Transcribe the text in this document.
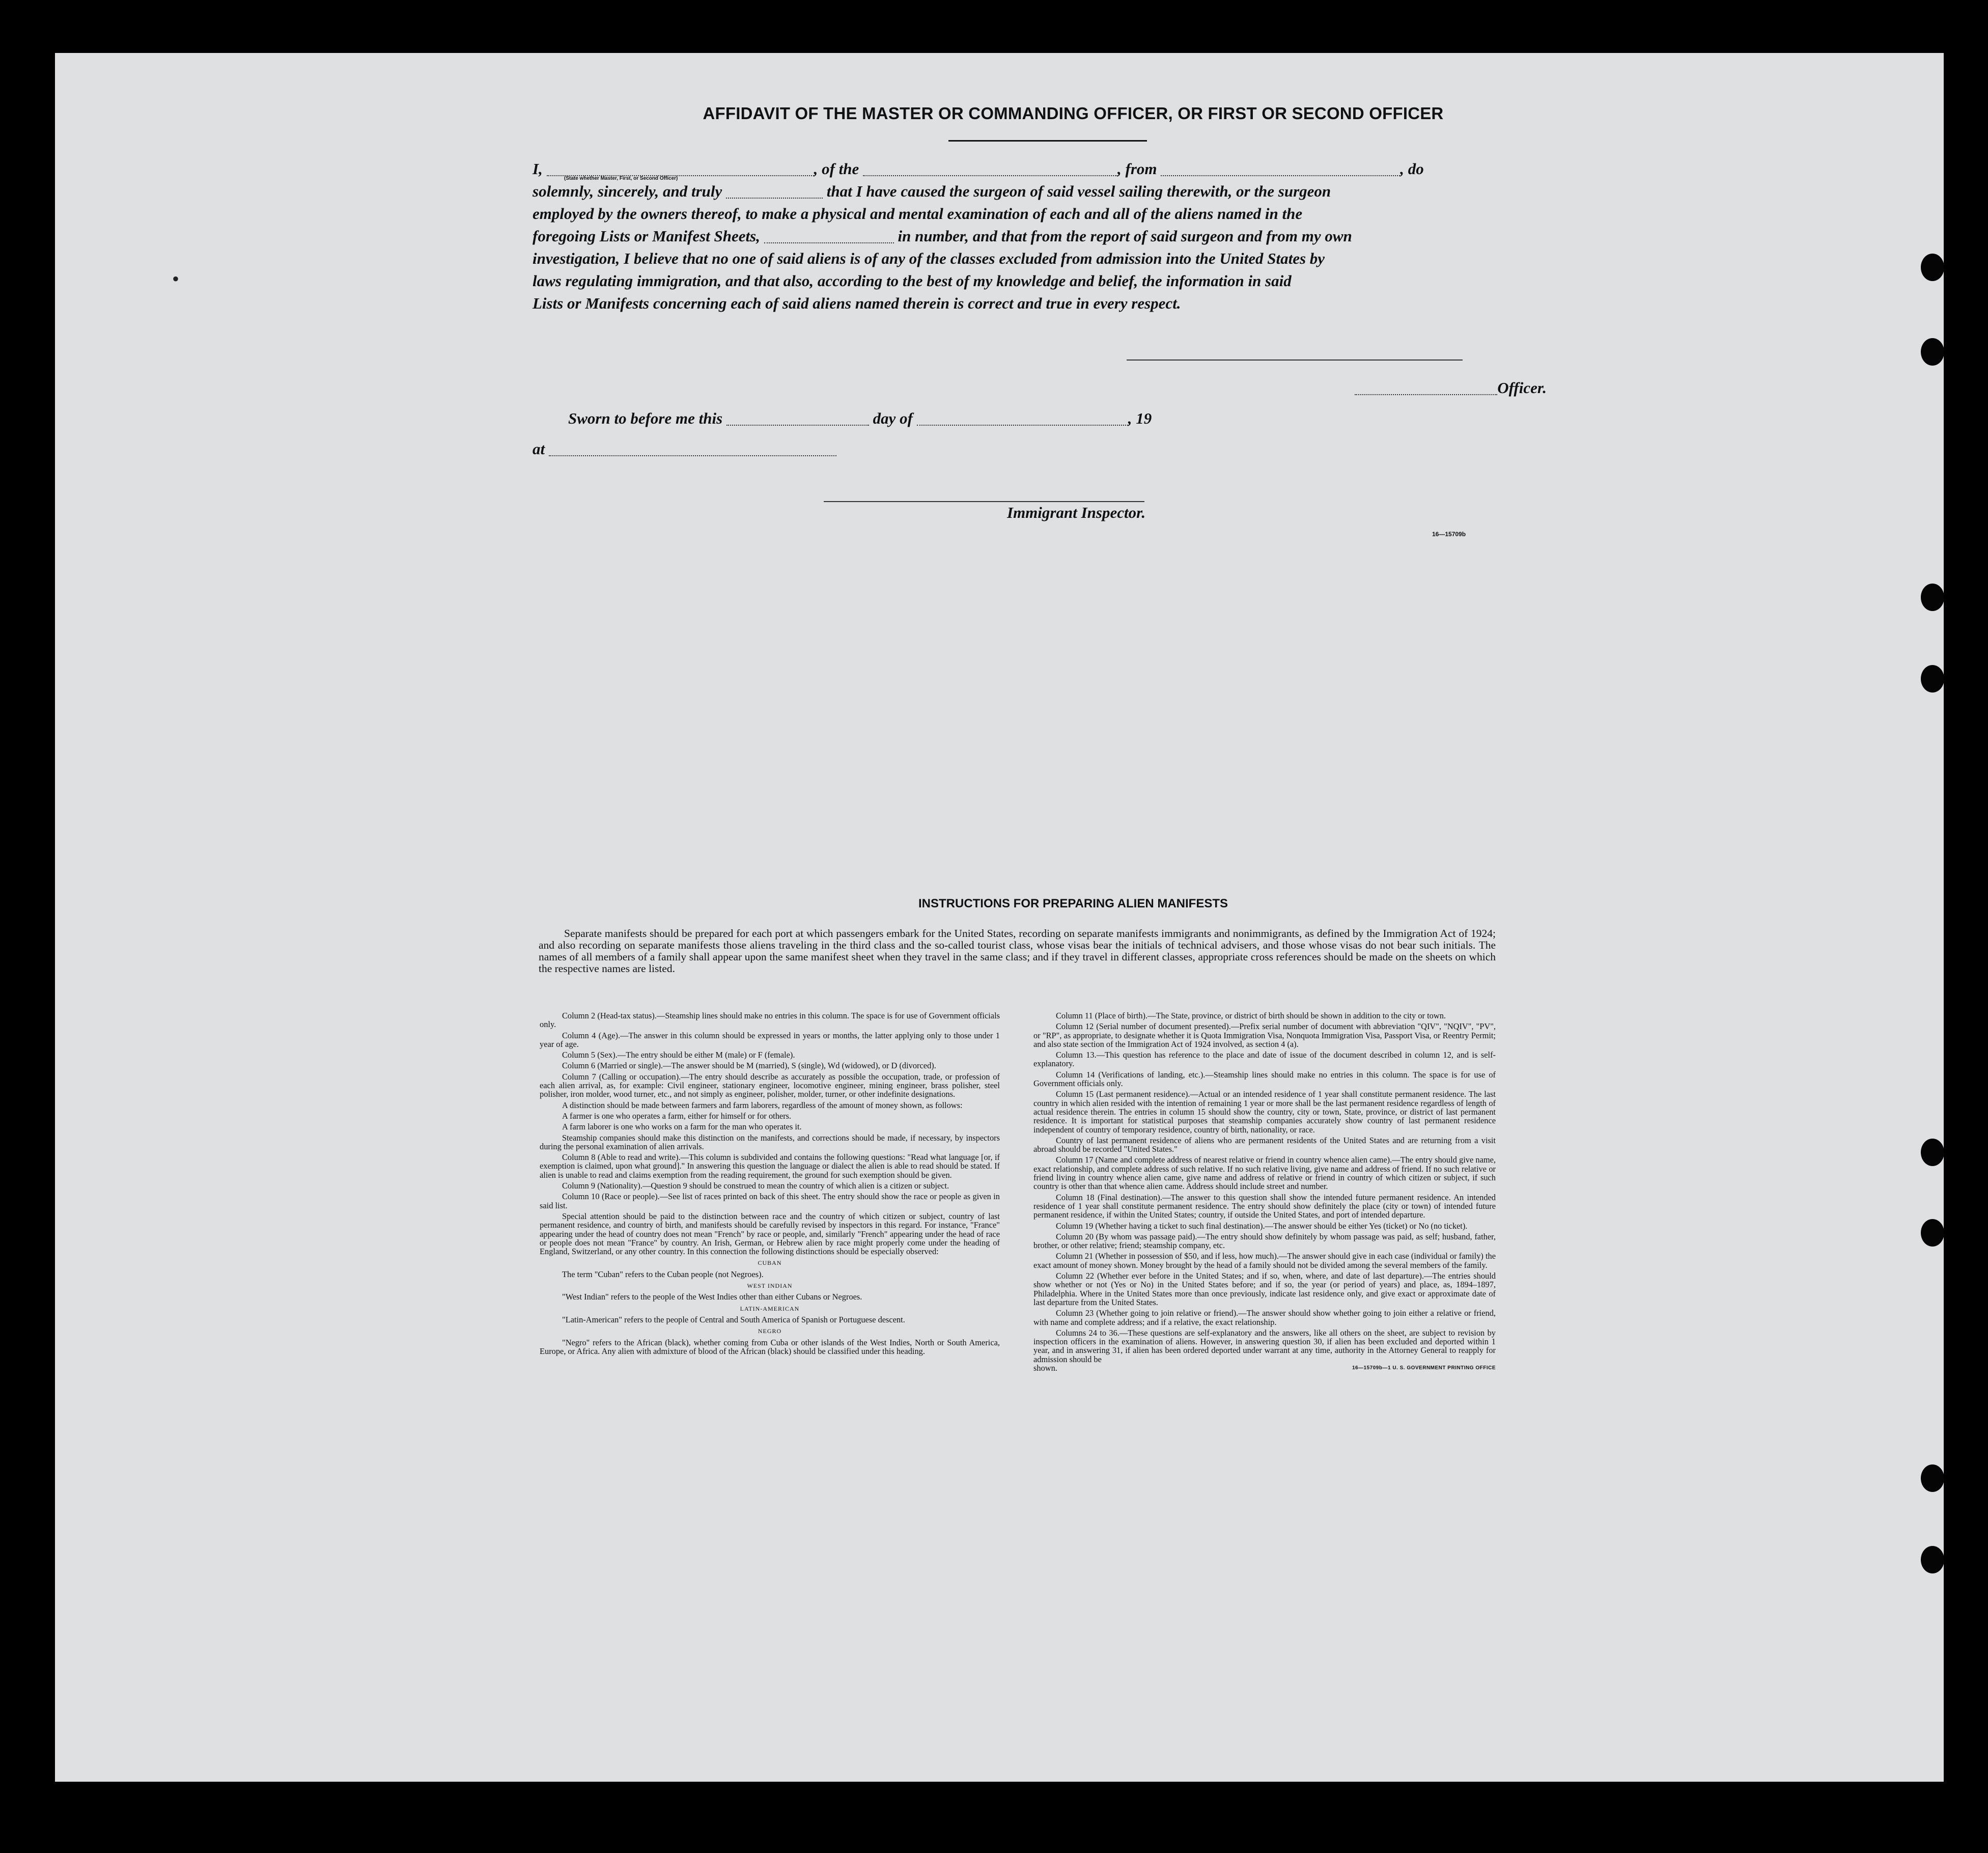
•
AFFIDAVIT OF THE MASTER OR COMMANDING OFFICER, OR FIRST OR SECOND OFFICER
I,	, of the	, from	, do
(State whether Master, First, or Second Officer)
solemnly, sincerely, and truly	that I have caused the surgeon of said vessel sailing therewith, or the surgeon
employed by the owners thereof, to make a physical and mental examination of each and all of the aliens named in the
foregoing Lists or Manifest Sheets,	in number, and that from the report of said surgeon and from my own
investigation, I believe that no one of said aliens is of any of the classes excluded from admission into the United States by
laws regulating immigration, and that also, according to the best of my knowledge and belief, the information in said
Lists or Manifests concerning each of said aliens named therein is correct and true in every respect.
Officer.
Sworn to before me this	day of	, 19
at
Immigrant Inspector.
16—15709b
INSTRUCTIONS FOR PREPARING ALIEN MANIFESTS

Separate manifests should be prepared for each port at which passengers embark for the United States, recording on separate manifests immigrants and nonimmigrants, as defined by the Immigration Act of 1924; and also recording on separate manifests those aliens traveling in the third class and the so-called tourist class, whose visas bear the initials of technical advisers, and those whose visas do not bear such initials. The names of all members of a family shall appear upon the same manifest sheet when they travel in the same class; and if they travel in different classes, appropriate cross references should be made on the sheets on which the respective names are listed.

Column 2 (Head-tax status).—Steamship lines should make no entries in this column. The space is for use of Government officials only.

Column 4 (Age).—The answer in this column should be expressed in years or months, the latter applying only to those under 1 year of age.

Column 5 (Sex).—The entry should be either M (male) or F (female).

Column 6 (Married or single).—The answer should be M (married), S (single), Wd (widowed), or D (divorced).

Column 7 (Calling or occupation).—The entry should describe as accurately as possible the occupation, trade, or profession of each alien arrival, as, for example: Civil engineer, stationary engineer, locomotive engineer, mining engineer, brass polisher, steel polisher, iron molder, wood turner, etc., and not simply as engineer, polisher, molder, turner, or other indefinite designations.

A distinction should be made between farmers and farm laborers, regardless of the amount of money shown, as follows:

A farmer is one who operates a farm, either for himself or for others.

A farm laborer is one who works on a farm for the man who operates it.

Steamship companies should make this distinction on the manifests, and corrections should be made, if necessary, by inspectors during the personal examination of alien arrivals.

Column 8 (Able to read and write).—This column is subdivided and contains the following questions: "Read what language [or, if exemption is claimed, upon what ground]." In answering this question the language or dialect the alien is able to read should be stated. If alien is unable to read and claims exemption from the reading requirement, the ground for such exemption should be given.

Column 9 (Nationality).—Question 9 should be construed to mean the country of which alien is a citizen or subject.

Column 10 (Race or people).—See list of races printed on back of this sheet. The entry should show the race or people as given in said list.

Special attention should be paid to the distinction between race and the country of which citizen or subject, country of last permanent residence, and country of birth, and manifests should be carefully revised by inspectors in this regard. For instance, "France" appearing under the head of country does not mean "French" by race or people, and, similarly "French" appearing under the head of race or people does not mean "France" by country. An Irish, German, or Hebrew alien by race might properly come under the heading of England, Switzerland, or any other country. In this connection the following distinctions should be especially observed:

CUBAN

The term "Cuban" refers to the Cuban people (not Negroes).

WEST INDIAN

"West Indian" refers to the people of the West Indies other than either Cubans or Negroes.

LATIN-AMERICAN

"Latin-American" refers to the people of Central and South America of Spanish or Portuguese descent.

NEGRO

"Negro" refers to the African (black), whether coming from Cuba or other islands of the West Indies, North or South America, Europe, or Africa. Any alien with admixture of blood of the African (black) should be classified under this heading.

Column 11 (Place of birth).—The State, province, or district of birth should be shown in addition to the city or town.

Column 12 (Serial number of document presented).—Prefix serial number of document with abbreviation "QIV", "NQIV", "PV", or "RP", as appropriate, to designate whether it is Quota Immigration Visa, Nonquota Immigration Visa, Passport Visa, or Reentry Permit; and also state section of the Immigration Act of 1924 involved, as section 4 (a).

Column 13.—This question has reference to the place and date of issue of the document described in column 12, and is self-explanatory.

Column 14 (Verifications of landing, etc.).—Steamship lines should make no entries in this column. The space is for use of Government officials only.

Column 15 (Last permanent residence).—Actual or an intended residence of 1 year shall constitute permanent residence. The last country in which alien resided with the intention of remaining 1 year or more shall be the last permanent residence regardless of length of actual residence therein. The entries in column 15 should show the country, city or town, State, province, or district of last permanent residence. It is important for statistical purposes that steamship companies accurately show country of last permanent residence independent of country of temporary residence, country of birth, nationality, or race.

Country of last permanent residence of aliens who are permanent residents of the United States and are returning from a visit abroad should be recorded "United States."

Column 17 (Name and complete address of nearest relative or friend in country whence alien came).—The entry should give name, exact relationship, and complete address of such relative. If no such relative living, give name and address of friend. If no such relative or friend living in country whence alien came, give name and address of relative or friend in country of which citizen or subject, if such country is other than that whence alien came. Address should include street and number.

Column 18 (Final destination).—The answer to this question shall show the intended future permanent residence. An intended residence of 1 year shall constitute permanent residence. The entry should show definitely the place (city or town) of intended future permanent residence, if within the United States; country, if outside the United States, and port of intended departure.

Column 19 (Whether having a ticket to such final destination).—The answer should be either Yes (ticket) or No (no ticket).

Column 20 (By whom was passage paid).—The entry should show definitely by whom passage was paid, as self; husband, father, brother, or other relative; friend; steamship company, etc.

Column 21 (Whether in possession of $50, and if less, how much).—The answer should give in each case (individual or family) the exact amount of money shown. Money brought by the head of a family should not be divided among the several members of the family.

Column 22 (Whether ever before in the United States; and if so, when, where, and date of last departure).—The entries should show whether or not (Yes or No) in the United States before; and if so, the year (or period of years) and place, as, 1894–1897, Philadelphia. Where in the United States more than once previously, indicate last residence only, and give exact or approximate date of last departure from the United States.

Column 23 (Whether going to join relative or friend).—The answer should show whether going to join either a relative or friend, with name and complete address; and if a relative, the exact relationship.

Columns 24 to 36.—These questions are self-explanatory and the answers, like all others on the sheet, are subject to revision by inspection officers in the examination of aliens. However, in answering question 30, if alien has been excluded and deported within 1 year, and in answering 31, if alien has been ordered deported under warrant at any time, authority in the Attorney General to reapply for admission should be

shown.	16—15709b—1 U. S. GOVERNMENT PRINTING OFFICE
